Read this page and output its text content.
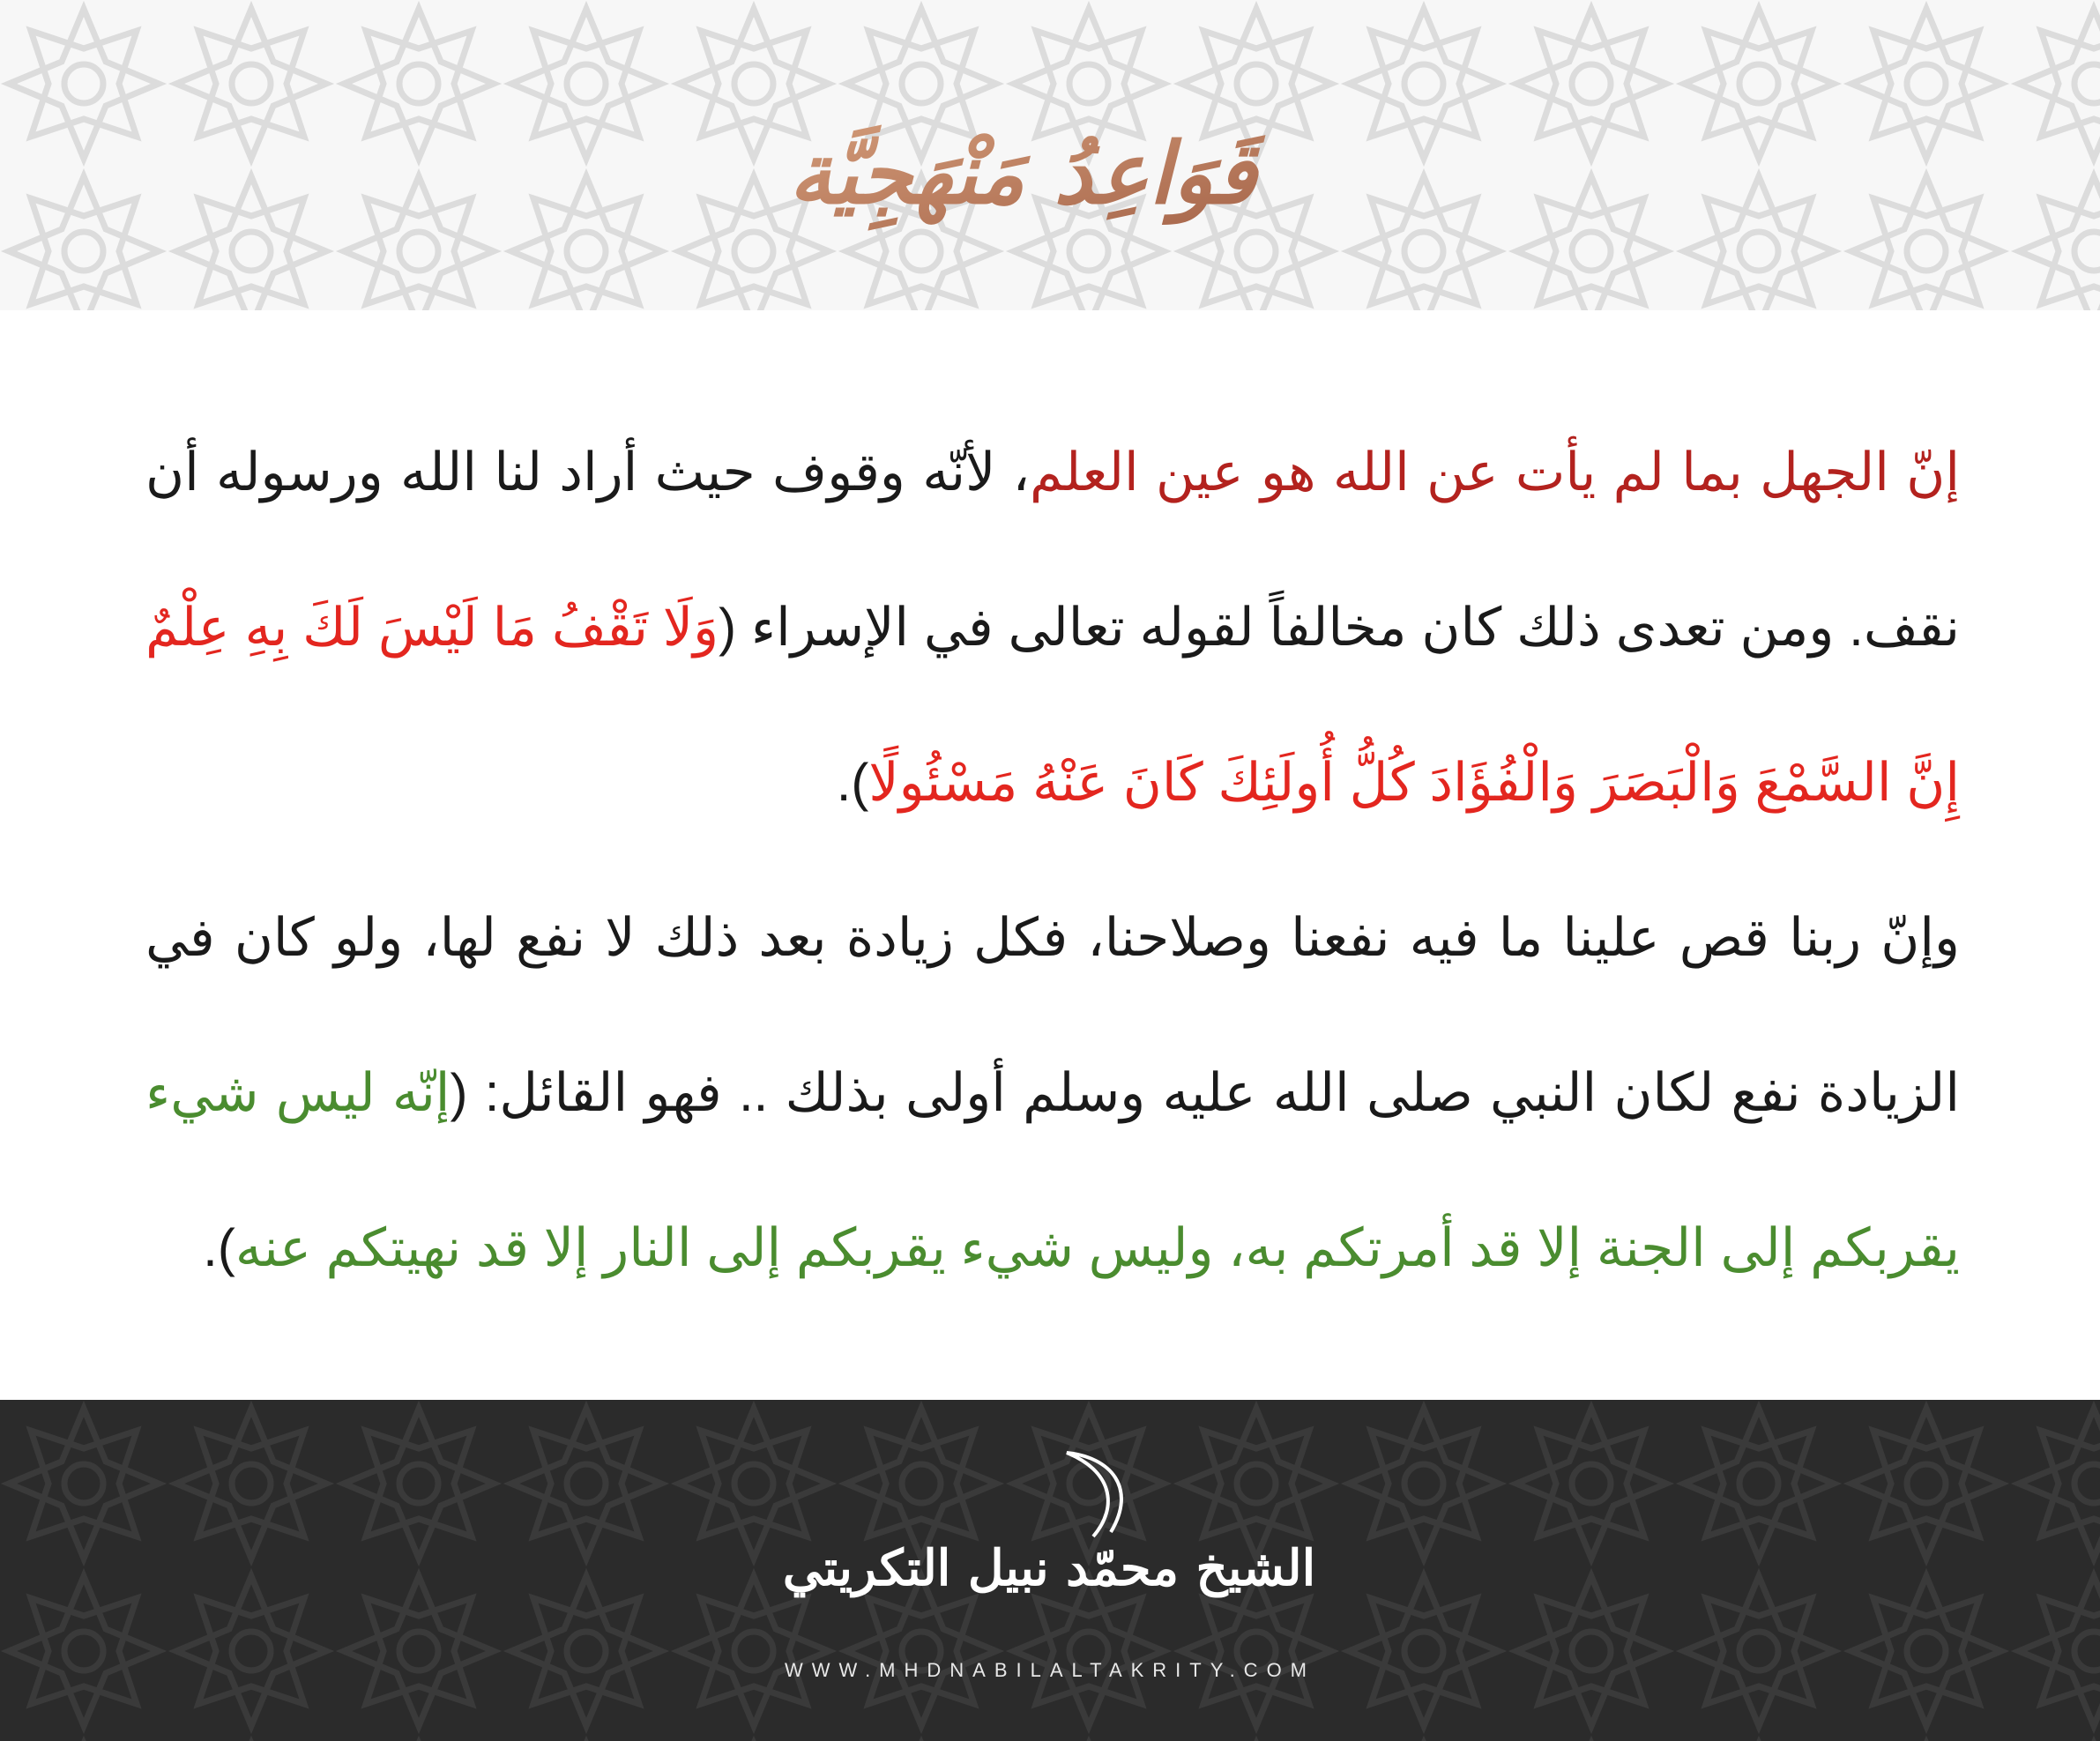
قَوَاعِدُ مَنْهَجِيَّة

إنّ الجهل بما لم يأت عن الله هو عين العلم، لأنّه وقوف حيث أراد لنا الله ورسوله أن نقف. ومن تعدى ذلك كان مخالفاً لقوله تعالى في الإسراء (وَلَا تَقْفُ مَا لَيْسَ لَكَ بِهِ عِلْمٌ إِنَّ السَّمْعَ وَالْبَصَرَ وَالْفُؤَادَ كُلُّ أُولَئِكَ كَانَ عَنْهُ مَسْئُولًا).

وإنّ ربنا قص علينا ما فيه نفعنا وصلاحنا، فكل زيادة بعد ذلك لا نفع لها، ولو كان في الزيادة نفع لكان النبي صلى الله عليه وسلم أولى بذلك .. فهو القائل: (إنّه ليس شيء يقربكم إلى الجنة إلا قد أمرتكم به، وليس شيء يقربكم إلى النار إلا قد نهيتكم عنه).

الشيخ محمّد نبيل التكريتي
WWW.MHDNABILALTAKRITY.COM
